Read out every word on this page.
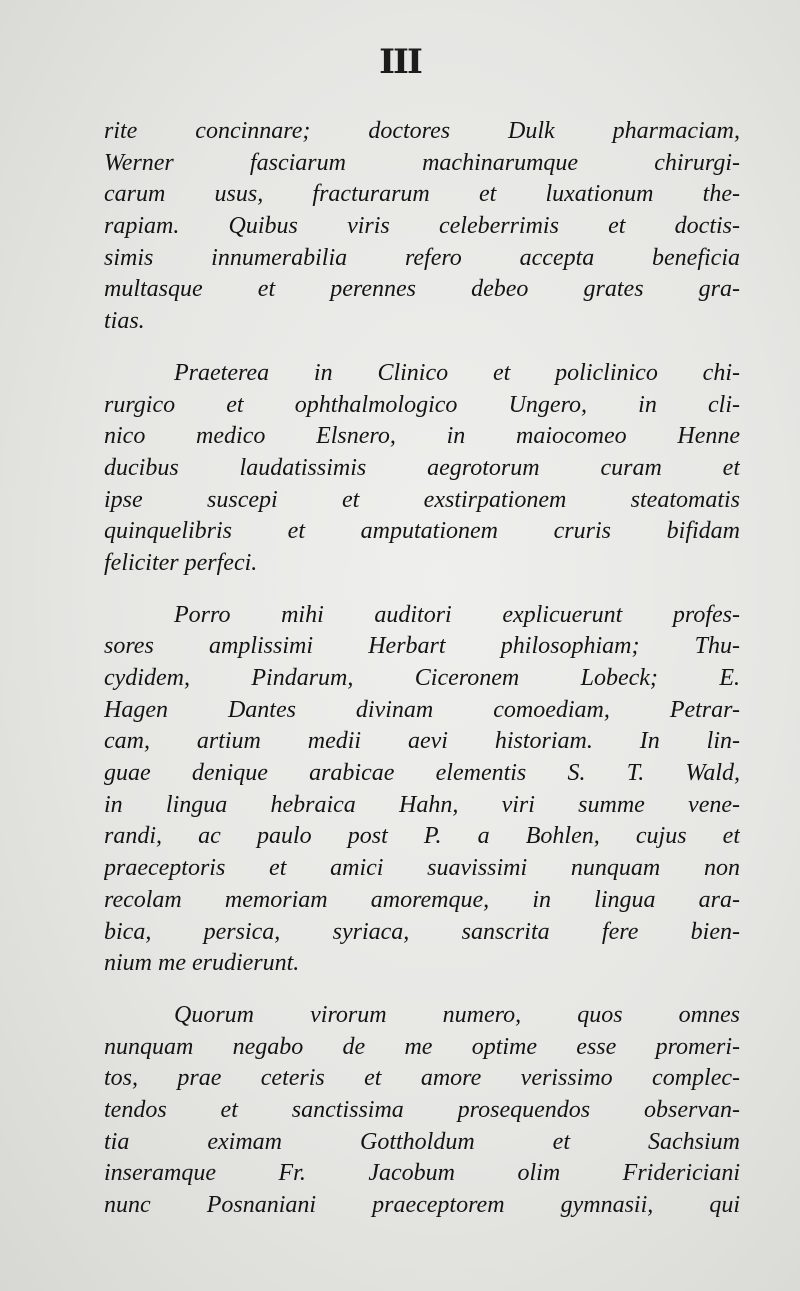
III
rite concinnare; doctores Dulk pharmaciam,
Werner fasciarum machinarumque chirurgi-
carum usus, fracturarum et luxationum the-
rapiam. Quibus viris celeberrimis et doctis-
simis innumerabilia refero accepta beneficia
multasque et perennes debeo grates gra-
tias.
Praeterea in Clinico et policlinico chi-
rurgico et ophthalmologico Ungero, in cli-
nico medico Elsnero, in maiocomeo Henne
ducibus laudatissimis aegrotorum curam et
ipse suscepi et exstirpationem steatomatis
quinquelibris et amputationem cruris bifidam
feliciter perfeci.
Porro mihi auditori explicuerunt profes-
sores amplissimi Herbart philosophiam; Thu-
cydidem, Pindarum, Ciceronem Lobeck; E.
Hagen Dantes divinam comoediam, Petrar-
cam, artium medii aevi historiam. In lin-
guae denique arabicae elementis S. T. Wald,
in lingua hebraica Hahn, viri summe vene-
randi, ac paulo post P. a Bohlen, cujus et
praeceptoris et amici suavissimi nunquam non
recolam memoriam amoremque, in lingua ara-
bica, persica, syriaca, sanscrita fere bien-
nium me erudierunt.
Quorum virorum numero, quos omnes
nunquam negabo de me optime esse promeri-
tos, prae ceteris et amore verissimo complec-
tendos et sanctissima prosequendos observan-
tia eximam Gottholdum et Sachsium
inseramque Fr. Jacobum olim Fridericiani
nunc Posnaniani praeceptorem gymnasii, qui
